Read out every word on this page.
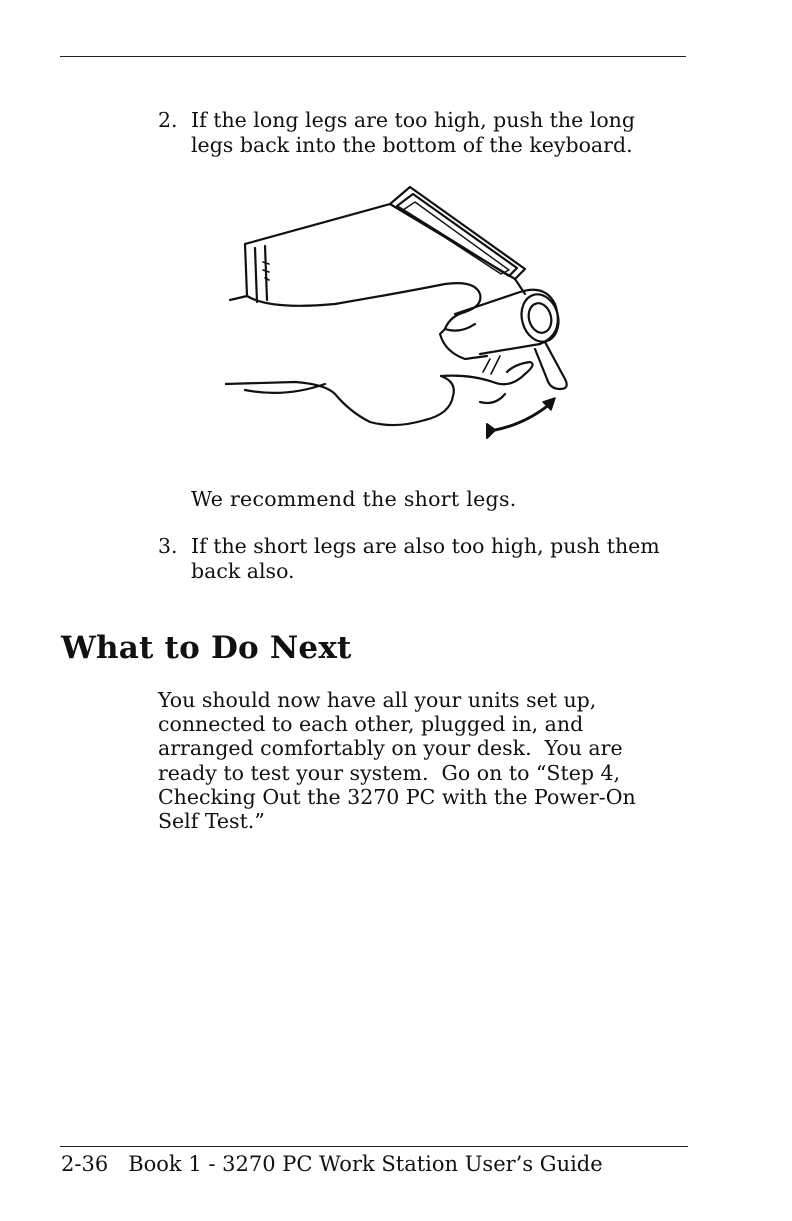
2. If the long legs are too high, push the long
legs back into the bottom of the keyboard.
We recommend the short legs.
3. If the short legs are also too high, push them
back also.
What to Do Next
You should now have all your units set up,
connected to each other, plugged in, and
arranged comfortably on your desk.  You are
ready to test your system.  Go on to “Step 4,
Checking Out the 3270 PC with the Power-On
Self Test.”
2-36 Book 1 - 3270 PC Work Station User’s Guide
